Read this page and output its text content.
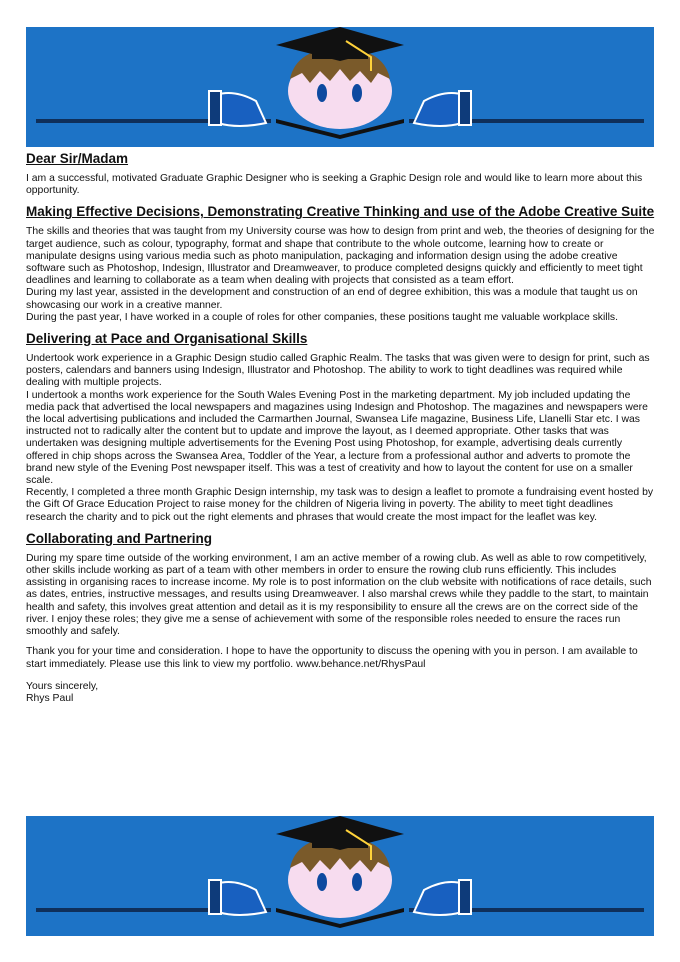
Dear Sir/Madam

I am a successful, motivated Graduate Graphic Designer who is seeking a Graphic Design role and would like to learn more about this opportunity.

Making Effective Decisions, Demonstrating Creative Thinking and use of the Adobe Creative Suite

The skills and theories that was taught from my University course was how to design from print and web, the theories of designing for the target audience, such as colour, typography, format and shape that contribute to the whole outcome, learning how to create or manipulate designs using various media such as photo manipulation, packaging and information design using the adobe creative software such as Photoshop, Indesign, Illustrator and Dreamweaver, to produce completed designs quickly and efficiently to meet tight deadlines and learning to collaborate as a team when dealing with projects that consisted as a team effort.

During my last year, assisted in the development and construction of an end of degree exhibition, this was a module that taught us on showcasing our work in a creative manner.

During the past year, I have worked in a couple of roles for other companies, these positions taught me valuable workplace skills.

Delivering at Pace and Organisational Skills

Undertook work experience in a Graphic Design studio called Graphic Realm. The tasks that was given were to design for print, such as posters, calendars and banners using Indesign, Illustrator and Photoshop. The ability to work to tight deadlines was required while dealing with multiple projects.

I undertook a months work experience for the South Wales Evening Post in the marketing department. My job included updating the media pack that advertised the local newspapers and magazines using Indesign and Photoshop. The magazines and newspapers were the local advertising publications and included the Carmarthen Journal, Swansea Life magazine, Business Life, Llanelli Star etc. I was instructed not to radically alter the content but to update and improve the layout, as I deemed appropriate. Other tasks that was undertaken was designing multiple advertisements for the Evening Post using Photoshop, for example, advertising deals currently offered in chip shops across the Swansea Area, Toddler of the Year, a lecture from a professional author and adverts to promote the brand new style of the Evening Post newspaper itself. This was a test of creativity and how to layout the content for use on a smaller scale.

Recently, I completed a three month Graphic Design internship, my task was to design a leaflet to promote a fundraising event hosted by the Gift Of Grace Education Project to raise money for the children of Nigeria living in poverty. The ability to meet tight deadlines research the charity and to pick out the right elements and phrases that would create the most impact for the leaflet was key.

Collaborating and Partnering

During my spare time outside of the working environment, I am an active member of a rowing club. As well as able to row competitively, other skills include working as part of a team with other members in order to ensure the rowing club runs efficiently. This includes assisting in organising races to increase income. My role is to post information on the club website with notifications of race details, such as dates, entries, instructive messages, and results using Dreamweaver. I also marshal crews while they paddle to the start, to maintain health and safety, this involves great attention and detail as it is my responsibility to ensure all the crews are on the correct side of the river. I enjoy these roles; they give me a sense of achievement with some of the responsible roles needed to ensure the races run smoothly and safely.

Thank you for your time and consideration. I hope to have the opportunity to discuss the opening with you in person. I am available to start immediately. Please use this link to view my portfolio. www.behance.net/RhysPaul

Yours sincerely,

Rhys Paul
